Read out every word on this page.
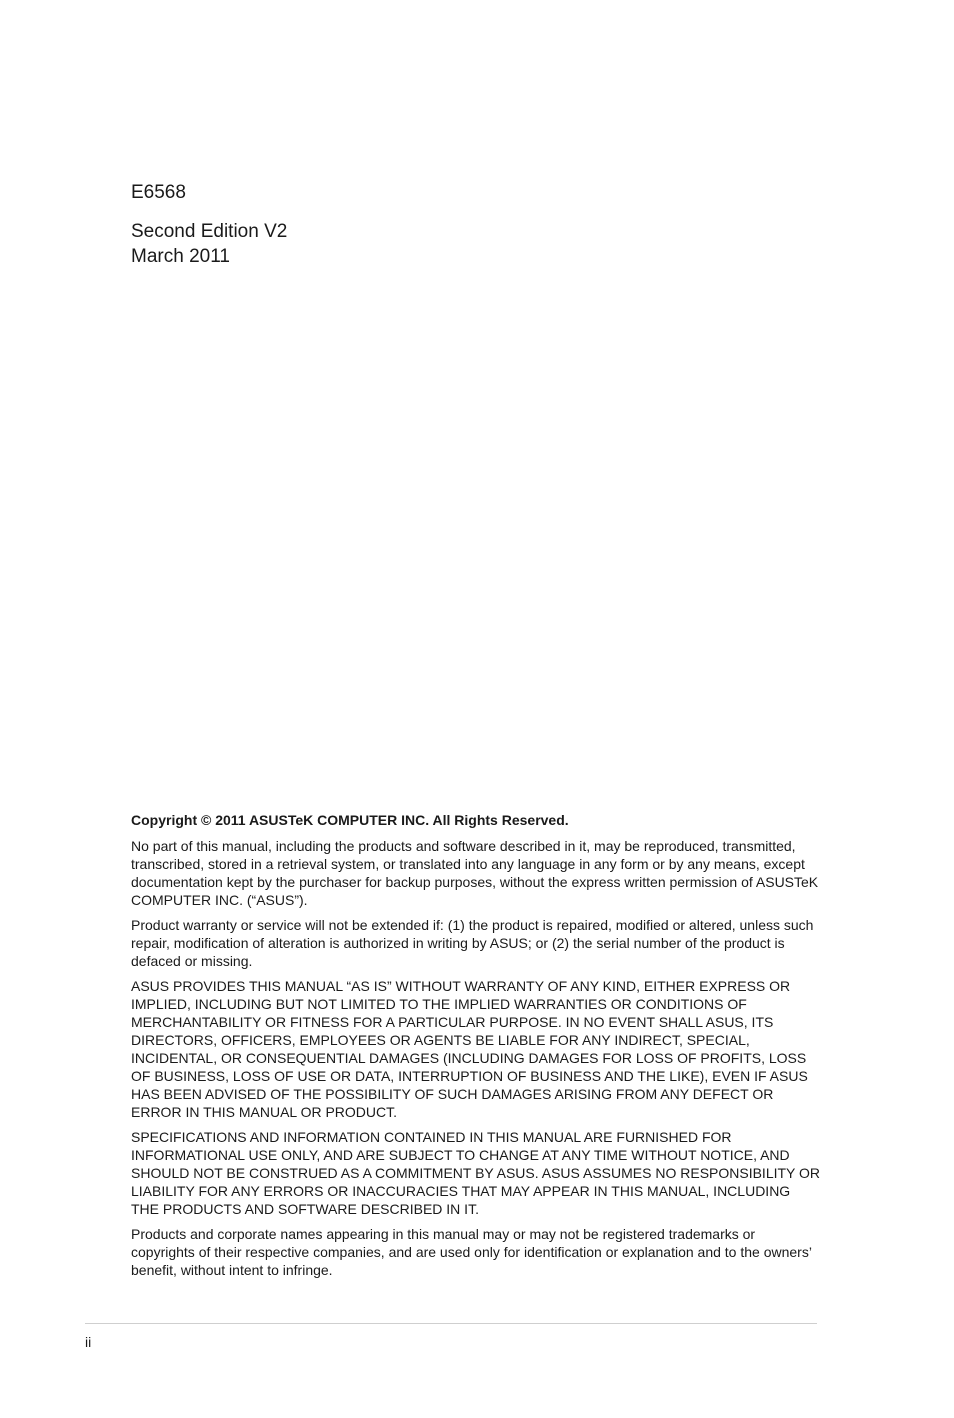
E6568
Second Edition V2
March 2011

Copyright © 2011 ASUSTeK COMPUTER INC. All Rights Reserved.

No part of this manual, including the products and software described in it, may be reproduced, transmitted, transcribed, stored in a retrieval system, or translated into any language in any form or by any means, except documentation kept by the purchaser for backup purposes, without the express written permission of ASUSTeK COMPUTER INC. (“ASUS”).

Product warranty or service will not be extended if: (1) the product is repaired, modified or altered, unless such repair, modification of alteration is authorized in writing by ASUS; or (2) the serial number of the product is defaced or missing.

ASUS PROVIDES THIS MANUAL “AS IS” WITHOUT WARRANTY OF ANY KIND, EITHER EXPRESS OR IMPLIED, INCLUDING BUT NOT LIMITED TO THE IMPLIED WARRANTIES OR CONDITIONS OF MERCHANTABILITY OR FITNESS FOR A PARTICULAR PURPOSE. IN NO EVENT SHALL ASUS, ITS DIRECTORS, OFFICERS, EMPLOYEES OR AGENTS BE LIABLE FOR ANY INDIRECT, SPECIAL, INCIDENTAL, OR CONSEQUENTIAL DAMAGES (INCLUDING DAMAGES FOR LOSS OF PROFITS, LOSS OF BUSINESS, LOSS OF USE OR DATA, INTERRUPTION OF BUSINESS AND THE LIKE), EVEN IF ASUS HAS BEEN ADVISED OF THE POSSIBILITY OF SUCH DAMAGES ARISING FROM ANY DEFECT OR ERROR IN THIS MANUAL OR PRODUCT.

SPECIFICATIONS AND INFORMATION CONTAINED IN THIS MANUAL ARE FURNISHED FOR INFORMATIONAL USE ONLY, AND ARE SUBJECT TO CHANGE AT ANY TIME WITHOUT NOTICE, AND SHOULD NOT BE CONSTRUED AS A COMMITMENT BY ASUS. ASUS ASSUMES NO RESPONSIBILITY OR LIABILITY FOR ANY ERRORS OR INACCURACIES THAT MAY APPEAR IN THIS MANUAL, INCLUDING THE PRODUCTS AND SOFTWARE DESCRIBED IN IT.

Products and corporate names appearing in this manual may or may not be registered trademarks or copyrights of their respective companies, and are used only for identification or explanation and to the owners’ benefit, without intent to infringe.

ii
